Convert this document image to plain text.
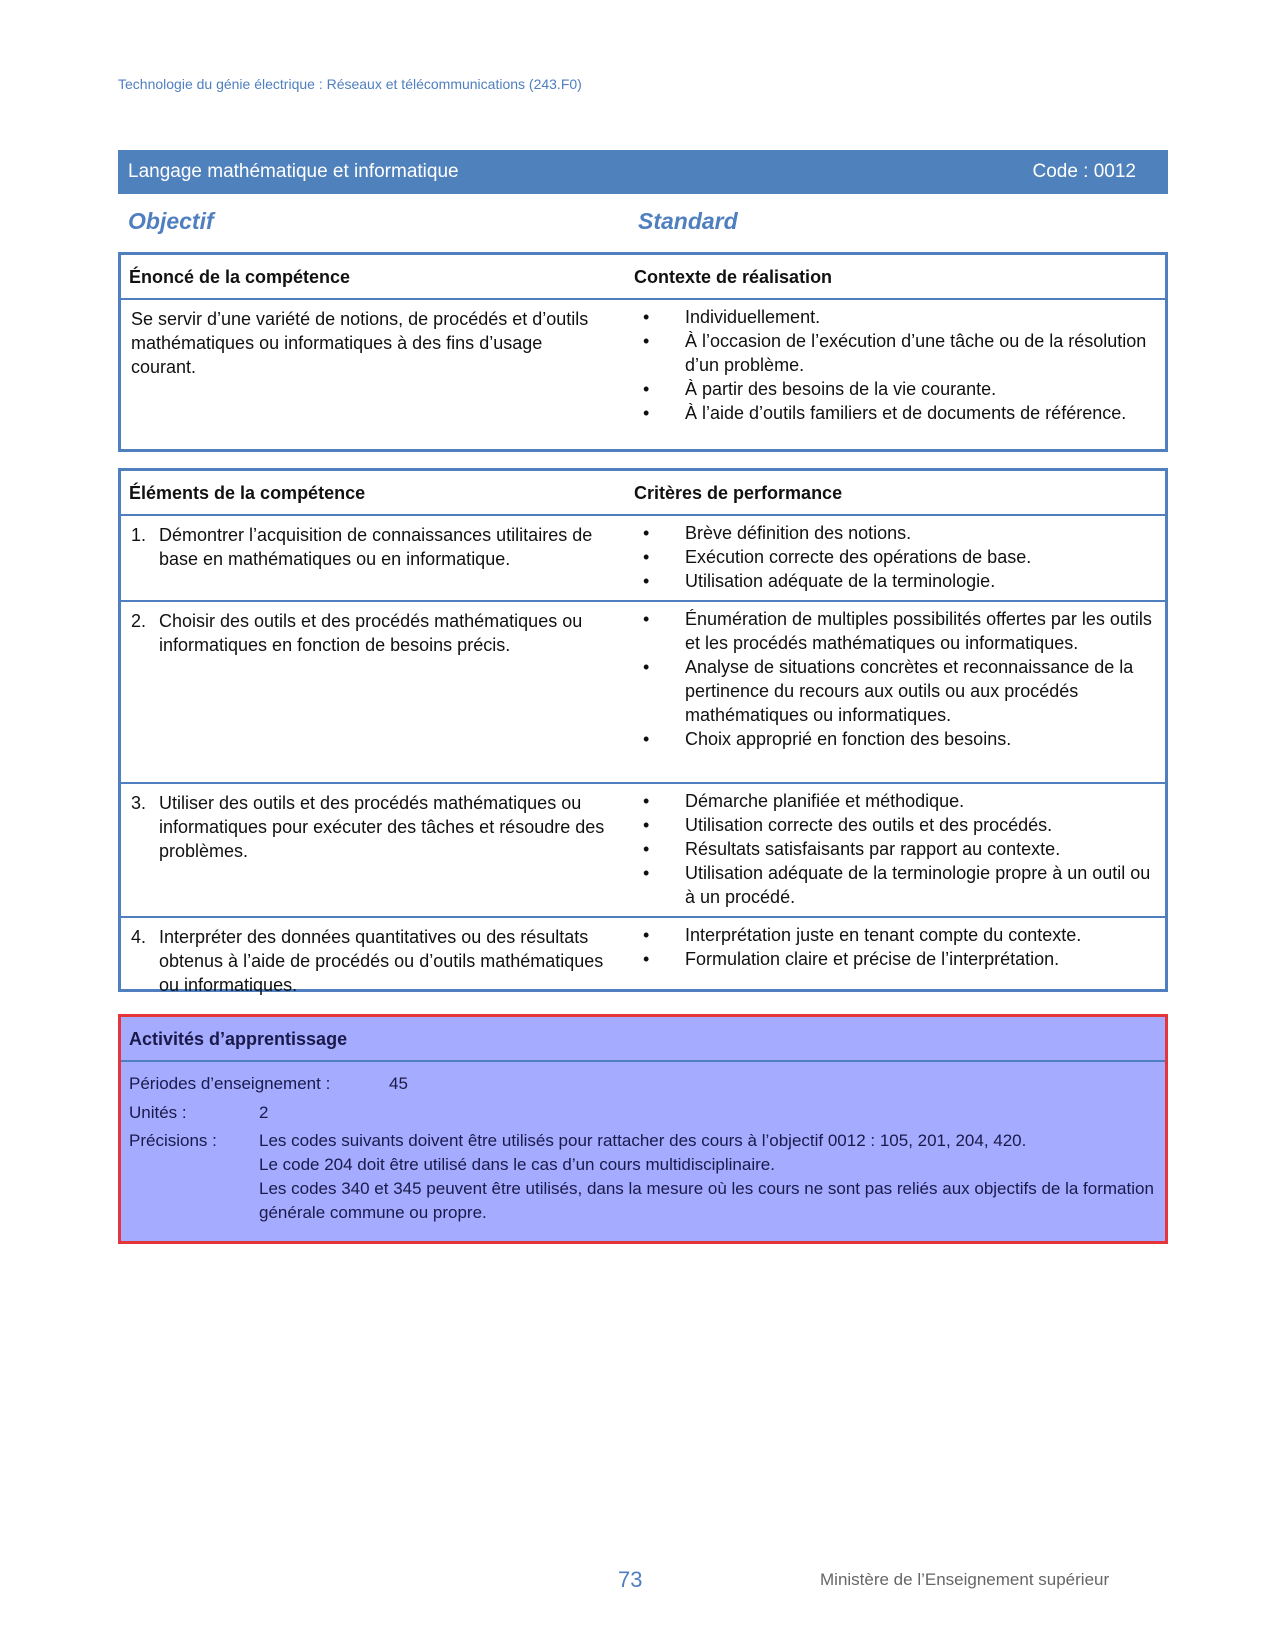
Technologie du génie électrique : Réseaux et télécommunications (243.F0)
Langage mathématique et informatique	Code : 0012
Objectif	Standard
Énoncé de la compétence	Contexte de réalisation
Se servir d’une variété de notions, de procédés et d’outils mathématiques ou informatiques à des fins d’usage courant.
• Individuellement.
• À l’occasion de l’exécution d’une tâche ou de la résolution d’un problème.
• À partir des besoins de la vie courante.
• À l’aide d’outils familiers et de documents de référence.
Éléments de la compétence	Critères de performance
1. Démontrer l’acquisition de connaissances utilitaires de base en mathématiques ou en informatique.
• Brève définition des notions.
• Exécution correcte des opérations de base.
• Utilisation adéquate de la terminologie.
2. Choisir des outils et des procédés mathématiques ou informatiques en fonction de besoins précis.
• Énumération de multiples possibilités offertes par les outils et les procédés mathématiques ou informatiques.
• Analyse de situations concrètes et reconnaissance de la pertinence du recours aux outils ou aux procédés mathématiques ou informatiques.
• Choix approprié en fonction des besoins.
3. Utiliser des outils et des procédés mathématiques ou informatiques pour exécuter des tâches et résoudre des problèmes.
• Démarche planifiée et méthodique.
• Utilisation correcte des outils et des procédés.
• Résultats satisfaisants par rapport au contexte.
• Utilisation adéquate de la terminologie propre à un outil ou à un procédé.
4. Interpréter des données quantitatives ou des résultats obtenus à l’aide de procédés ou d’outils mathématiques ou informatiques.
• Interprétation juste en tenant compte du contexte.
• Formulation claire et précise de l’interprétation.
Activités d’apprentissage
Périodes d’enseignement :	45
Unités :	2
Précisions : Les codes suivants doivent être utilisés pour rattacher des cours à l’objectif 0012 : 105, 201, 204, 420.
Le code 204 doit être utilisé dans le cas d’un cours multidisciplinaire.
Les codes 340 et 345 peuvent être utilisés, dans la mesure où les cours ne sont pas reliés aux objectifs de la formation générale commune ou propre.
73	Ministère de l’Enseignement supérieur
